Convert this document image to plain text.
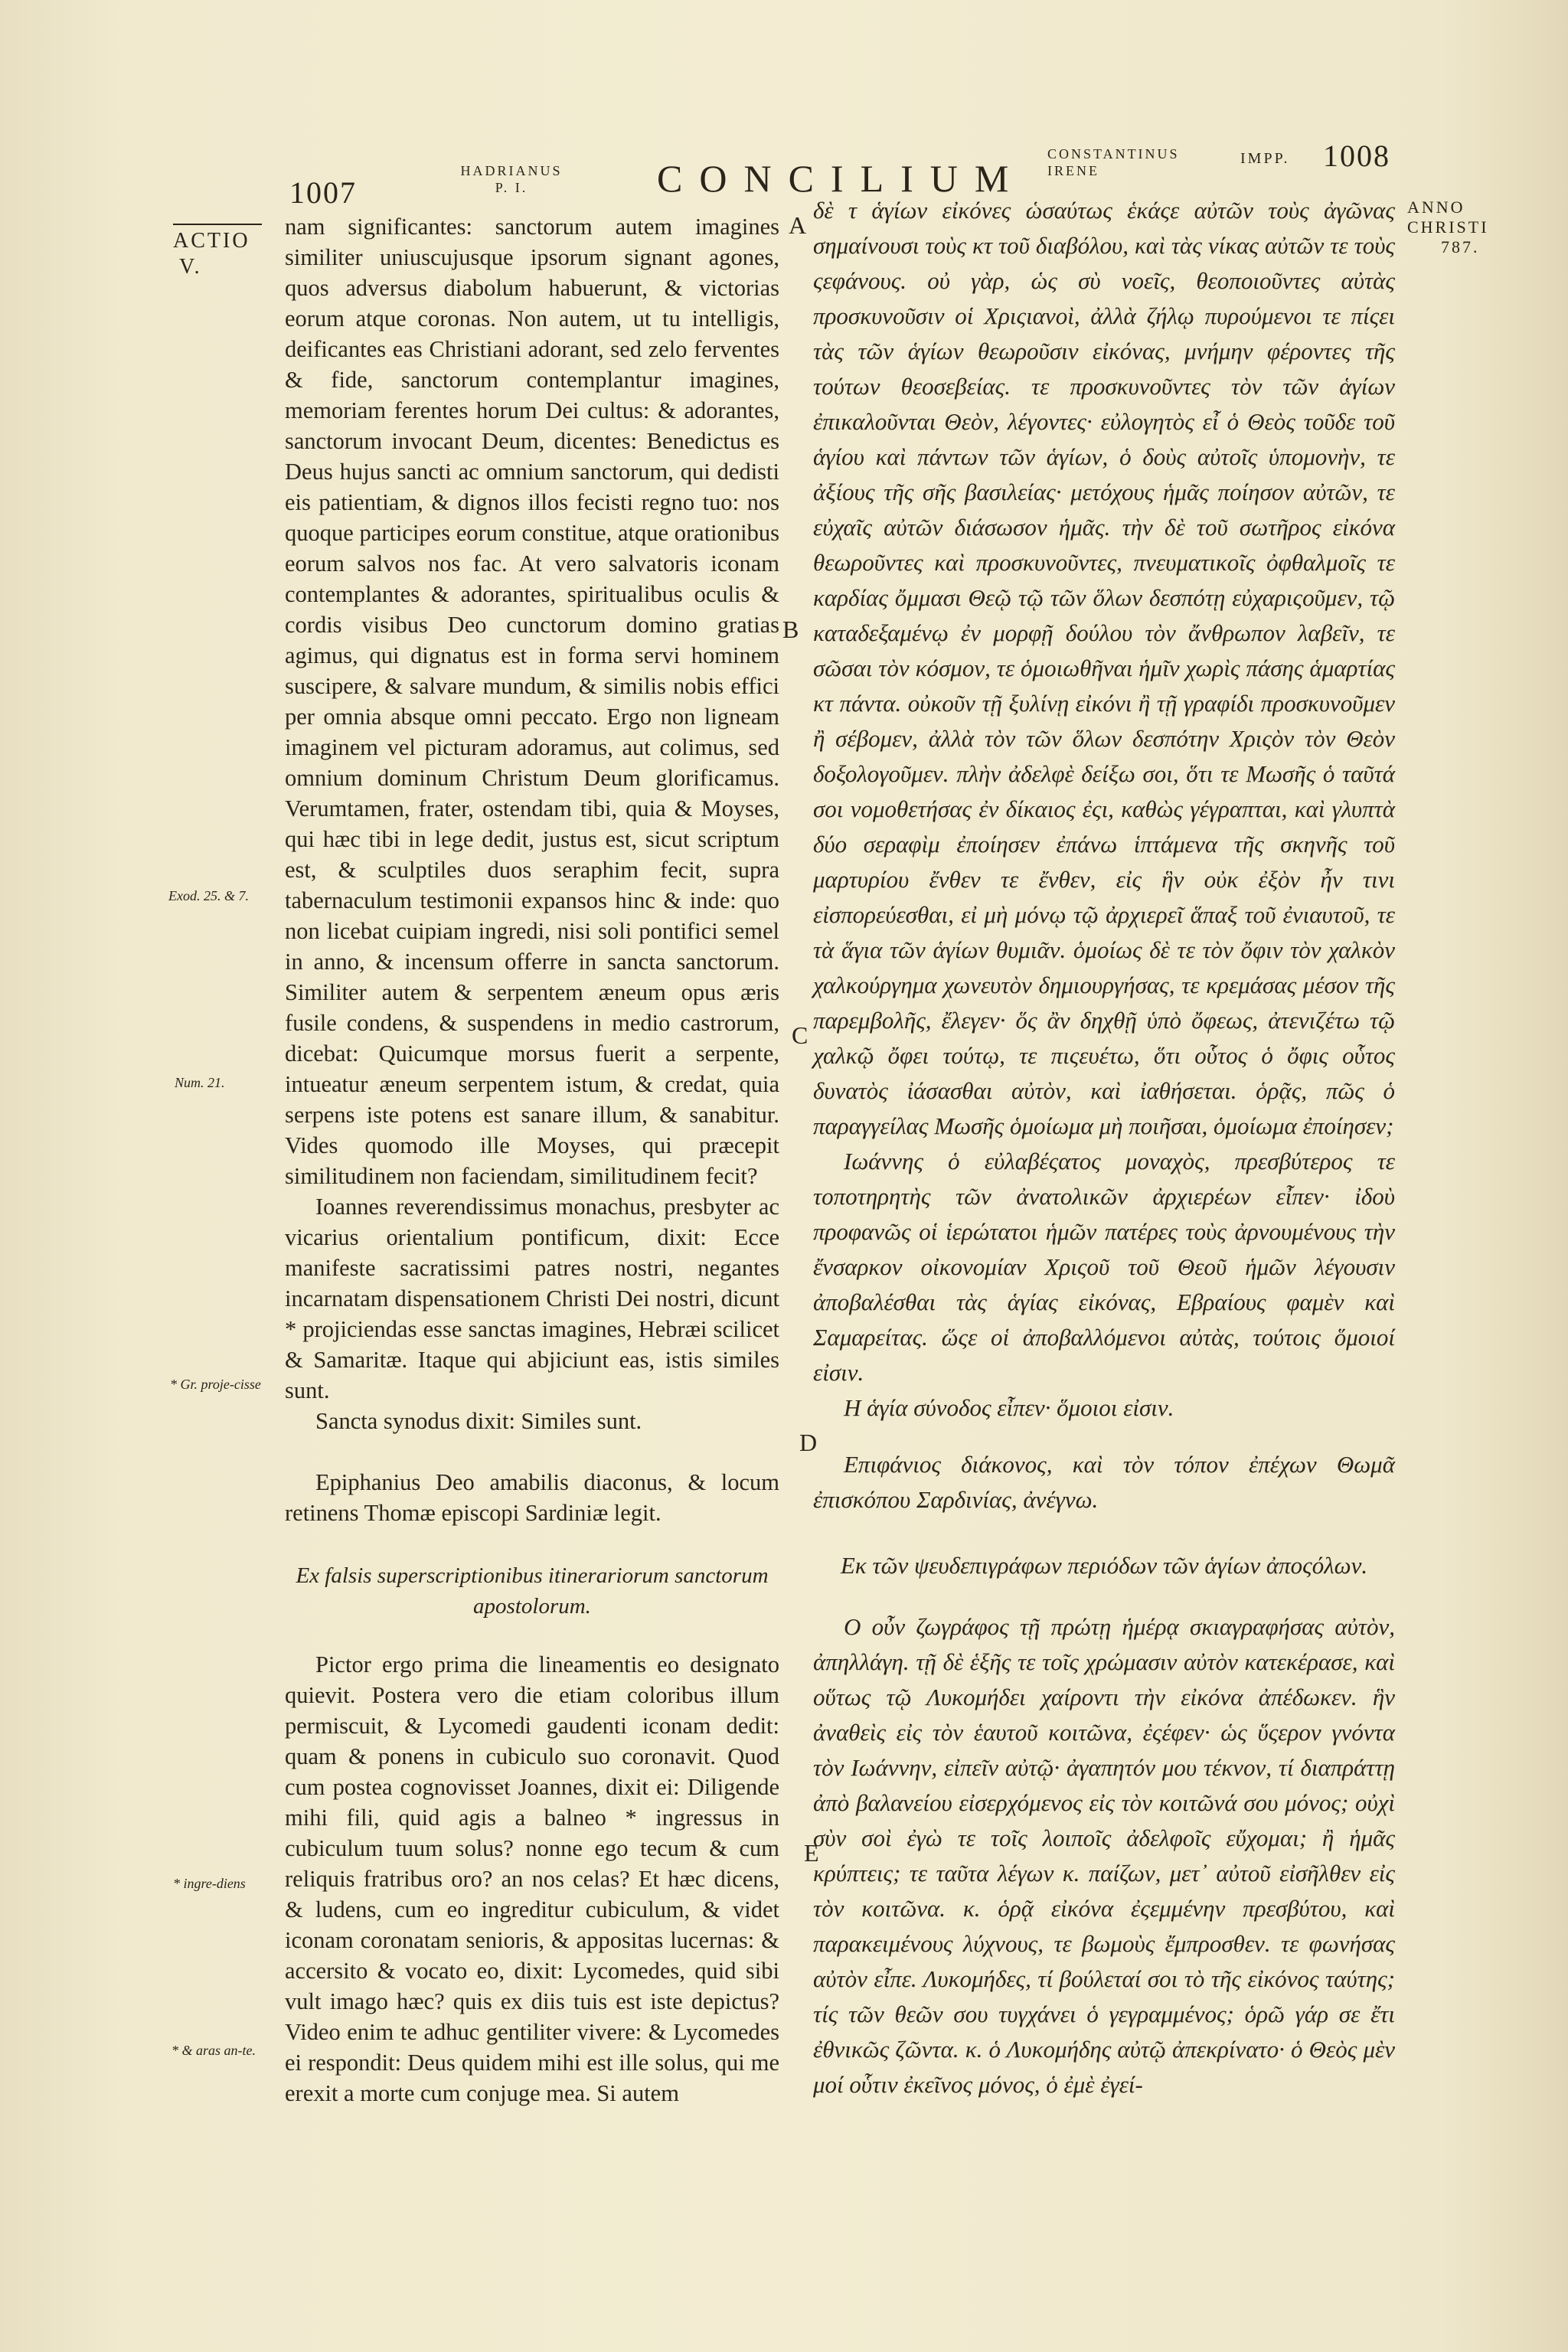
1007
HADRIANUS
P. I.	CONCILIUM
CONSTANTINUS
IRENE
IMPP. 1008
ACTIO
V.
ANNO
CHRISTI
787.
Exod. 25. & 7.
Num. 21.
* Gr. proje-cisse
* ingre-diens
* & aras an-te.
A
B
C
D
E

nam significantes: sanctorum autem imagines similiter uniuscujusque ipsorum signant agones, quos adversus diabolum habuerunt, & victorias eorum atque coronas. Non autem, ut tu intelligis, deificantes eas Christiani adorant, sed zelo ferventes & fide, sanctorum contemplantur imagines, memoriam ferentes horum Dei cultus: & adorantes, sanctorum invocant Deum, dicentes: Benedictus es Deus hujus sancti ac omnium sanctorum, qui dedisti eis patientiam, & dignos illos fecisti regno tuo: nos quoque participes eorum constitue, atque orationibus eorum salvos nos fac. At vero salvatoris iconam contemplantes & adorantes, spiritualibus oculis & cordis visibus Deo cunctorum domino gratias agimus, qui dignatus est in forma servi hominem suscipere, & salvare mundum, & similis nobis effici per omnia absque omni peccato. Ergo non ligneam imaginem vel picturam adoramus, aut colimus, sed omnium dominum Christum Deum glorificamus. Verumtamen, frater, ostendam tibi, quia & Moyses, qui hæc tibi in lege dedit, justus est, sicut scriptum est, & sculptiles duos seraphim fecit, supra tabernaculum testimonii expansos hinc & inde: quo non licebat cuipiam ingredi, nisi soli pontifici semel in anno, & incensum offerre in sancta sanctorum. Similiter autem & serpentem æneum opus æris fusile condens, & suspendens in medio castrorum, dicebat: Quicumque morsus fuerit a serpente, intueatur æneum serpentem istum, & credat, quia serpens iste potens est sanare illum, & sanabitur. Vides quomodo ille Moyses, qui præcepit similitudinem non faciendam, similitudinem fecit?

Ioannes reverendissimus monachus, presbyter ac vicarius orientalium pontificum, dixit: Ecce manifeste sacratissimi patres nostri, negantes incarnatam dispensationem Christi Dei nostri, dicunt * projiciendas esse sanctas imagines, Hebræi scilicet & Samaritæ. Itaque qui abjiciunt eas, istis similes sunt.

Sancta synodus dixit: Similes sunt.

Epiphanius Deo amabilis diaconus, & locum retinens Thomæ episcopi Sardiniæ legit.

Ex falsis superscriptionibus itinerariorum sanctorum apostolorum.

Pictor ergo prima die lineamentis eo designato quievit. Postera vero die etiam coloribus illum permiscuit, & Lycomedi gaudenti iconam dedit: quam & ponens in cubiculo suo coronavit. Quod cum postea cognovisset Joannes, dixit ei: Diligende mihi fili, quid agis a balneo * ingressus in cubiculum tuum solus? nonne ego tecum & cum reliquis fratribus oro? an nos celas? Et hæc dicens, & ludens, cum eo ingreditur cubiculum, & videt iconam coronatam senioris, & appositas lucernas: & accersito & vocato eo, dixit: Lycomedes, quid sibi vult imago hæc? quis ex diis tuis est iste depictus? Video enim te adhuc gentiliter vivere: & Lycomedes ei respondit: Deus quidem mihi est ille solus, qui me erexit a morte cum conjuge mea. Si autem

δὲ τ ἁγίων εἰκόνες ὡσαύτως ἑκάςε αὐτῶν τοὺς ἀγῶνας σημαίνουσι τοὺς κτ τοῦ διαβόλου, καὶ τὰς νίκας αὐτῶν τε τοὺς ςεφάνους. οὐ γὰρ, ὡς σὺ νοεῖς, θεοποιοῦντες αὐτὰς προσκυνοῦσιν οἱ Χριςιανοὶ, ἀλλὰ ζήλῳ πυρούμενοι τε πίςει τὰς τῶν ἁγίων θεωροῦσιν εἰκόνας, μνήμην φέροντες τῆς τούτων θεοσεβείας. τε προσκυνοῦντες τὸν τῶν ἁγίων ἐπικαλοῦνται Θεὸν, λέγοντες· εὐλογητὸς εἶ ὁ Θεὸς τοῦδε τοῦ ἁγίου καὶ πάντων τῶν ἁγίων, ὁ δοὺς αὐτοῖς ὑπομονὴν, τε ἀξίους τῆς σῆς βασιλείας· μετόχους ἡμᾶς ποίησον αὐτῶν, τε εὐχαῖς αὐτῶν διάσωσον ἡμᾶς. τὴν δὲ τοῦ σωτῆρος εἰκόνα θεωροῦντες καὶ προσκυνοῦντες, πνευματικοῖς ὀφθαλμοῖς τε καρδίας ὄμμασι Θεῷ τῷ τῶν ὅλων δεσπότῃ εὐχαριςοῦμεν, τῷ καταδεξαμένῳ ἐν μορφῇ δούλου τὸν ἄνθρωπον λαβεῖν, τε σῶσαι τὸν κόσμον, τε ὁμοιωθῆναι ἡμῖν χωρὶς πάσης ἁμαρτίας κτ πάντα. οὐκοῦν τῇ ξυλίνῃ εἰκόνι ἢ τῇ γραφίδι προσκυνοῦμεν ἢ σέβομεν, ἀλλὰ τὸν τῶν ὅλων δεσπότην Χριςὸν τὸν Θεὸν δοξολογοῦμεν. πλὴν ἀδελφὲ δείξω σοι, ὅτι τε Μωσῆς ὁ ταῦτά σοι νομοθετήσας ἐν δίκαιος ἐςι, καθὼς γέγραπται, καὶ γλυπτὰ δύο σεραφὶμ ἐποίησεν ἐπάνω ἱπτάμενα τῆς σκηνῆς τοῦ μαρτυρίου ἔνθεν τε ἔνθεν, εἰς ἣν οὐκ ἐξὸν ἦν τινι εἰσπορεύεσθαι, εἰ μὴ μόνῳ τῷ ἀρχιερεῖ ἅπαξ τοῦ ἐνιαυτοῦ, τε τὰ ἅγια τῶν ἁγίων θυμιᾶν. ὁμοίως δὲ τε τὸν ὄφιν τὸν χαλκὸν χαλκούργημα χωνευτὸν δημιουργήσας, τε κρεμάσας μέσον τῆς παρεμβολῆς, ἔλεγεν· ὅς ἂν δηχθῇ ὑπὸ ὄφεως, ἀτενιζέτω τῷ χαλκῷ ὄφει τούτῳ, τε πιςευέτω, ὅτι οὗτος ὁ ὄφις οὗτος δυνατὸς ἰάσασθαι αὐτὸν, καὶ ἰαθήσεται. ὁρᾷς, πῶς ὁ παραγγείλας Μωσῆς ὁμοίωμα μὴ ποιῆσαι, ὁμοίωμα ἐποίησεν;

Ιωάννης ὁ εὐλαβέςατος μοναχὸς, πρεσβύτερος τε τοποτηρητὴς τῶν ἀνατολικῶν ἀρχιερέων εἶπεν· ἰδοὺ προφανῶς οἱ ἱερώτατοι ἡμῶν πατέρες τοὺς ἀρνουμένους τὴν ἔνσαρκον οἰκονομίαν Χριςοῦ τοῦ Θεοῦ ἡμῶν λέγουσιν ἀποβαλέσθαι τὰς ἁγίας εἰκόνας, Εβραίους φαμὲν καὶ Σαμαρείτας. ὥςε οἱ ἀποβαλλόμενοι αὐτὰς, τούτοις ὅμοιοί εἰσιν.

Η ἁγία σύνοδος εἶπεν· ὅμοιοι εἰσιν.

Επιφάνιος διάκονος, καὶ τὸν τόπον ἐπέχων Θωμᾶ ἐπισκόπου Σαρδινίας, ἀνέγνω.

Εκ τῶν ψευδεπιγράφων περιόδων τῶν ἁγίων ἀποςόλων.

Ο οὖν ζωγράφος τῇ πρώτῃ ἡμέρᾳ σκιαγραφήσας αὐτὸν, ἀπηλλάγη. τῇ δὲ ἑξῆς τε τοῖς χρώμασιν αὐτὸν κατεκέρασε, καὶ οὕτως τῷ Λυκομήδει χαίροντι τὴν εἰκόνα ἀπέδωκεν. ἣν ἀναθεὶς εἰς τὸν ἑαυτοῦ κοιτῶνα, ἐςέφεν· ὡς ὕςερον γνόντα τὸν Ιωάννην, εἰπεῖν αὐτῷ· ἀγαπητόν μου τέκνον, τί διαπράττῃ ἀπὸ βαλανείου εἰσερχόμενος εἰς τὸν κοιτῶνά σου μόνος; οὐχὶ σὺν σοὶ ἐγὼ τε τοῖς λοιποῖς ἀδελφοῖς εὔχομαι; ἢ ἡμᾶς κρύπτεις; τε ταῦτα λέγων κ. παίζων, μετ᾽ αὐτοῦ εἰσῆλθεν εἰς τὸν κοιτῶνα. κ. ὁρᾷ εἰκόνα ἐςεμμένην πρεσβύτου, καὶ παρακειμένους λύχνους, τε βωμοὺς ἔμπροσθεν. τε φωνήσας αὐτὸν εἶπε. Λυκομήδες, τί βούλεταί σοι τὸ τῆς εἰκόνος ταύτης; τίς τῶν θεῶν σου τυγχάνει ὁ γεγραμμένος; ὁρῶ γάρ σε ἔτι ἐθνικῶς ζῶντα. κ. ὁ Λυκομήδης αὐτῷ ἀπεκρίνατο· ὁ Θεὸς μὲν μοί οὗτιν ἐκεῖνος μόνος, ὁ ἐμὲ ἐγεί-
